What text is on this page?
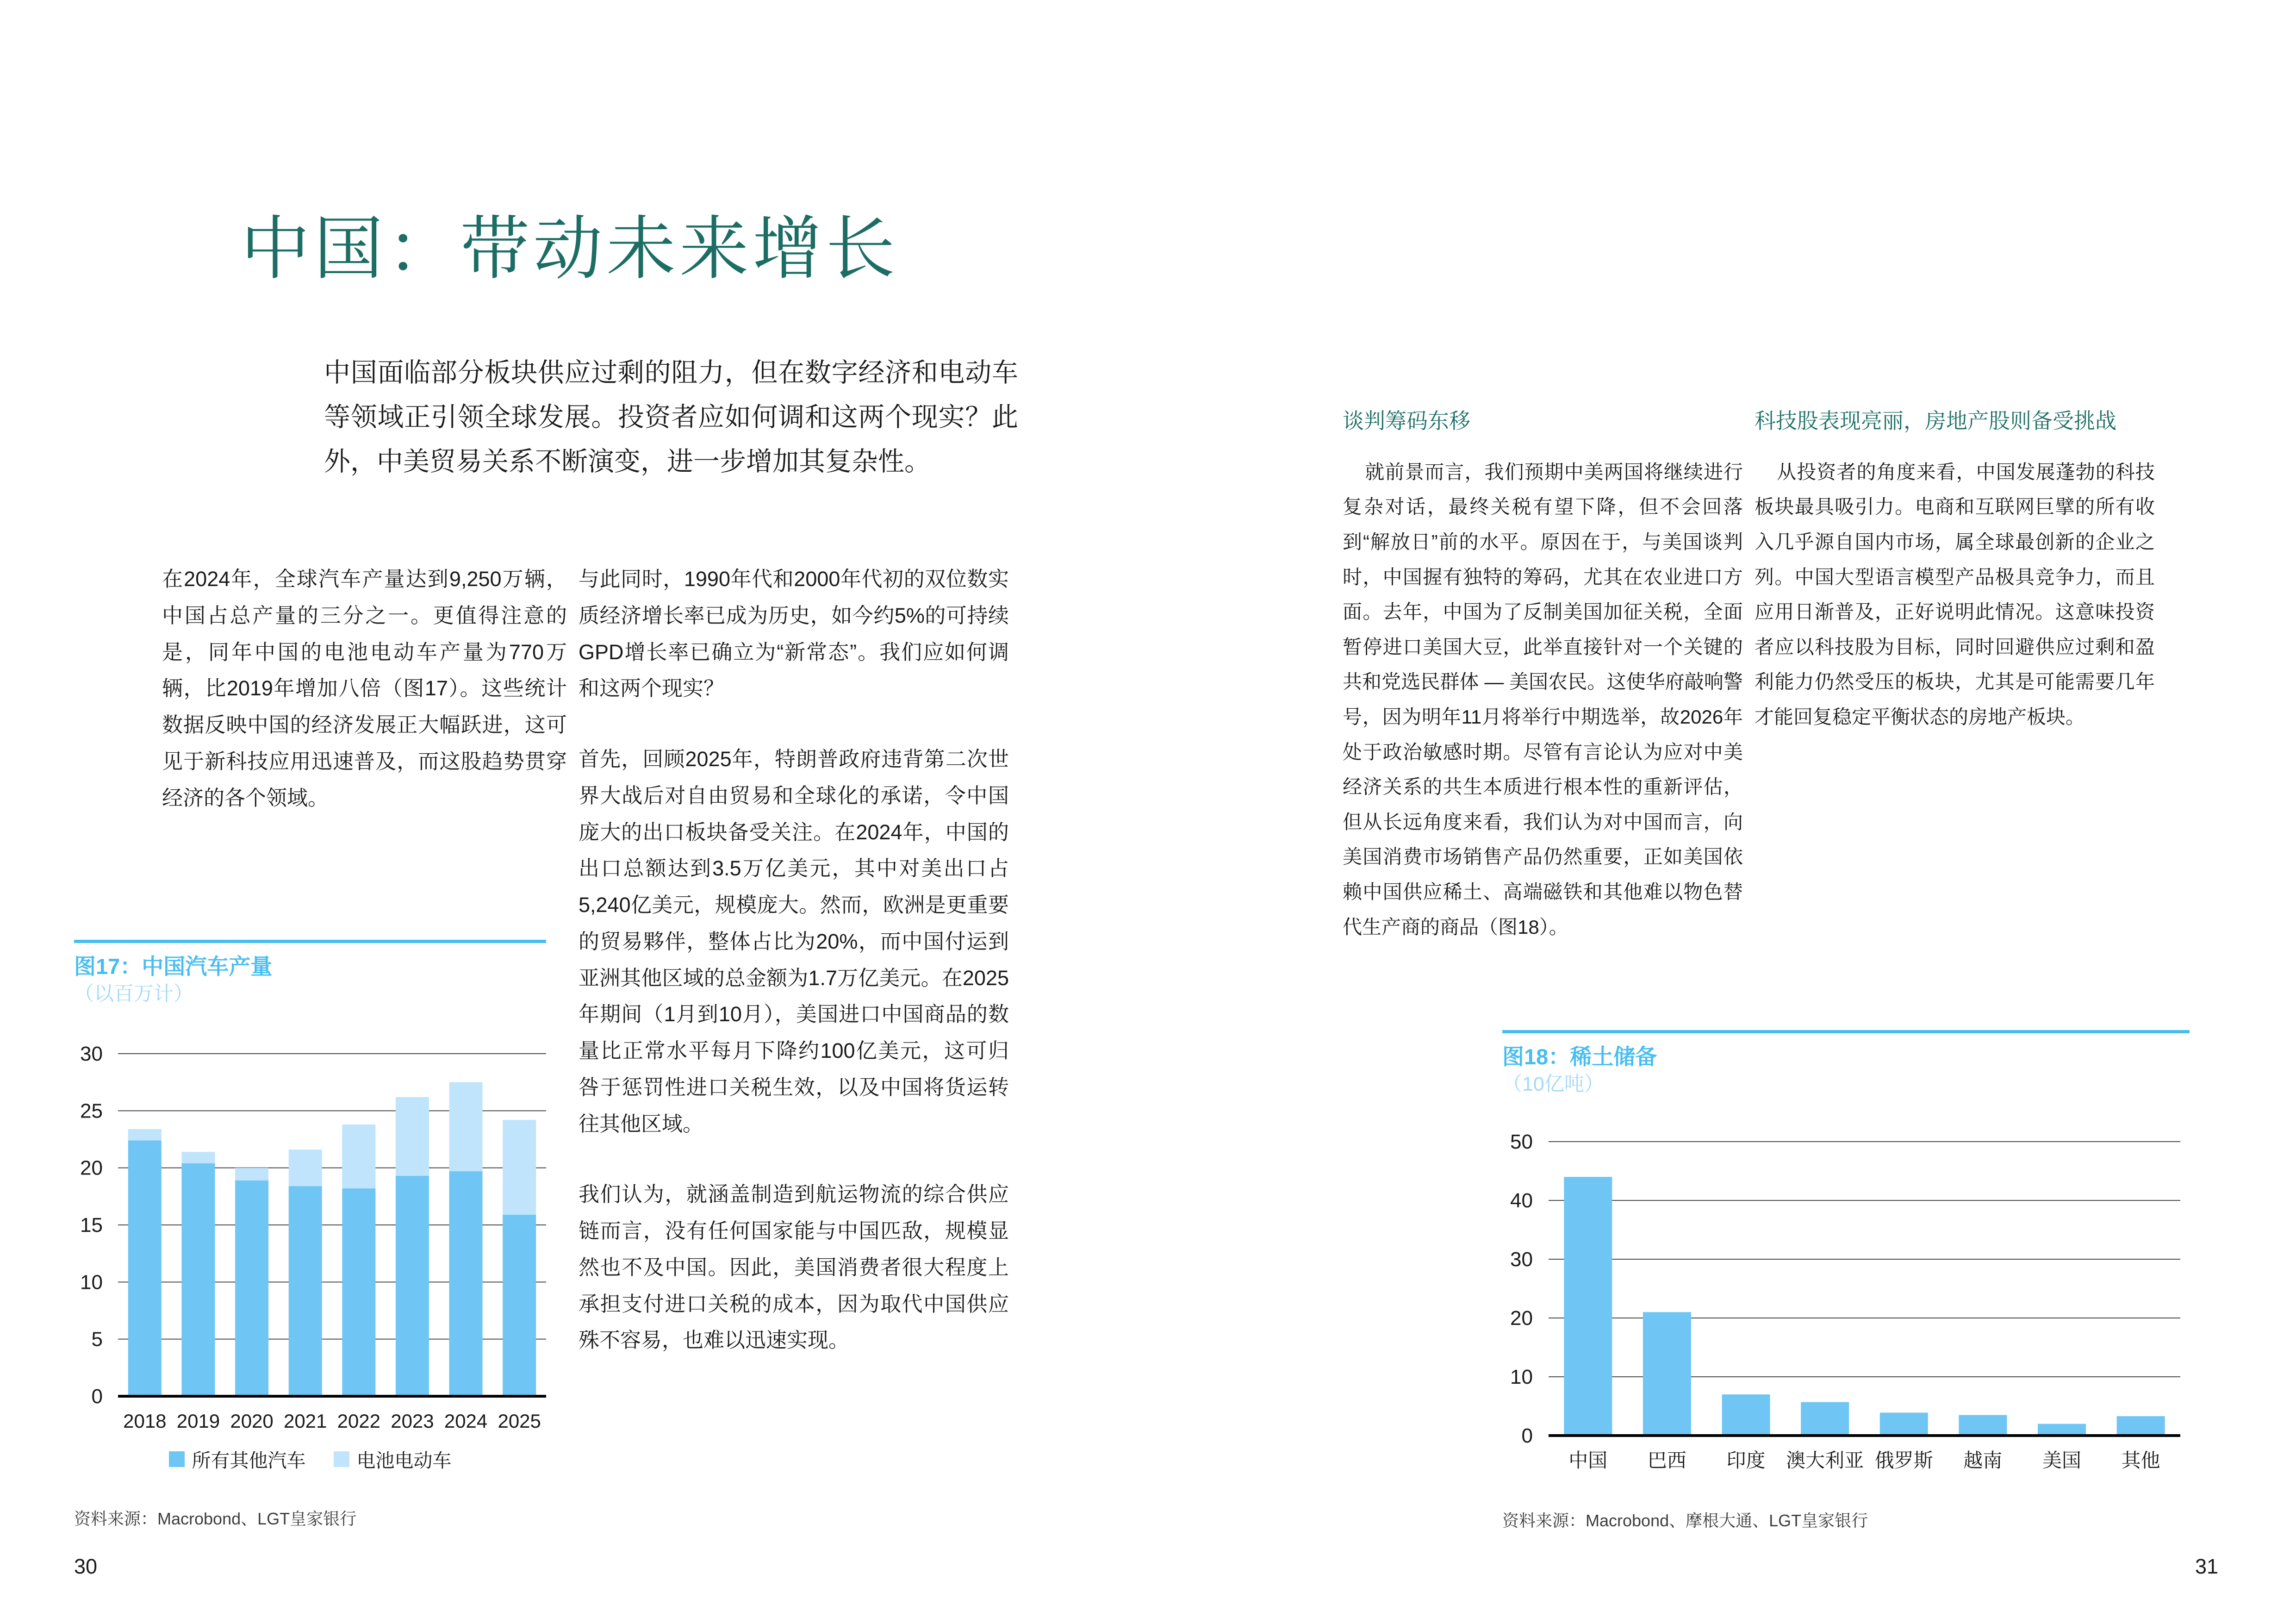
中国：带动未来增长

中国面临部分板块供应过剩的阻力，但在数字经济和电动车等领域正引领全球发展。投资者应如何调和这两个现实？此外，中美贸易关系不断演变，进一步增加其复杂性。

在2024年，全球汽车产量达到9,250万辆，中国占总产量的三分之一。更值得注意的是，同年中国的电池电动车产量为770万辆，比2019年增加八倍（图17）。这些统计数据反映中国的经济发展正大幅跃进，这可见于新科技应用迅速普及，而这股趋势贯穿经济的各个领域。

与此同时，1990年代和2000年代初的双位数实质经济增长率已成为历史，如今约5%的可持续GPD增长率已确立为“新常态”。我们应如何调和这两个现实？

首先，回顾2025年，特朗普政府违背第二次世界大战后对自由贸易和全球化的承诺，令中国庞大的出口板块备受关注。在2024年，中国的出口总额达到3.5万亿美元，其中对美出口占5,240亿美元，规模庞大。然而，欧洲是更重要的贸易夥伴，整体占比为20%，而中国付运到亚洲其他区域的总金额为1.7万亿美元。在2025年期间（1月到10月），美国进口中国商品的数量比正常水平每月下降约100亿美元，这可归咎于惩罚性进口关税生效，以及中国将货运转往其他区域。

我们认为，就涵盖制造到航运物流的综合供应链而言，没有任何国家能与中国匹敌，规模显然也不及中国。因此，美国消费者很大程度上承担支付进口关税的成本，因为取代中国供应殊不容易，也难以迅速实现。

图17：中国汽车产量
（以百万计）
0
5
10
15
20
25
30
2018 2019 2020 2021 2022 2023 2024 2025
所有其他汽车	电池电动车
资料来源：Macrobond、LGT皇家银行
30
谈判筹码东移

就前景而言，我们预期中美两国将继续进行复杂对话，最终关税有望下降，但不会回落到“解放日”前的水平。原因在于，与美国谈判时，中国握有独特的筹码，尤其在农业进口方面。去年，中国为了反制美国加征关税，全面暂停进口美国大豆，此举直接针对一个关键的共和党选民群体 — 美国农民。这使华府敲响警号，因为明年11月将举行中期选举，故2026年处于政治敏感时期。尽管有言论认为应对中美经济关系的共生本质进行根本性的重新评估，但从长远角度来看，我们认为对中国而言，向美国消费市场销售产品仍然重要，正如美国依赖中国供应稀土、高端磁铁和其他难以物色替代生产商的商品（图18）。

科技股表现亮丽，房地产股则备受挑战

从投资者的角度来看，中国发展蓬勃的科技板块最具吸引力。电商和互联网巨擘的所有收入几乎源自国内市场，属全球最创新的企业之列。中国大型语言模型产品极具竞争力，而且应用日渐普及，正好说明此情况。这意味投资者应以科技股为目标，同时回避供应过剩和盈利能力仍然受压的板块，尤其是可能需要几年才能回复稳定平衡状态的房地产板块。

图18：稀土储备
（10亿吨）
0
10
20
30
40
50
中国 巴西 印度 澳大利亚 俄罗斯 越南 美国 其他
资料来源：Macrobond、摩根大通、LGT皇家银行
31
